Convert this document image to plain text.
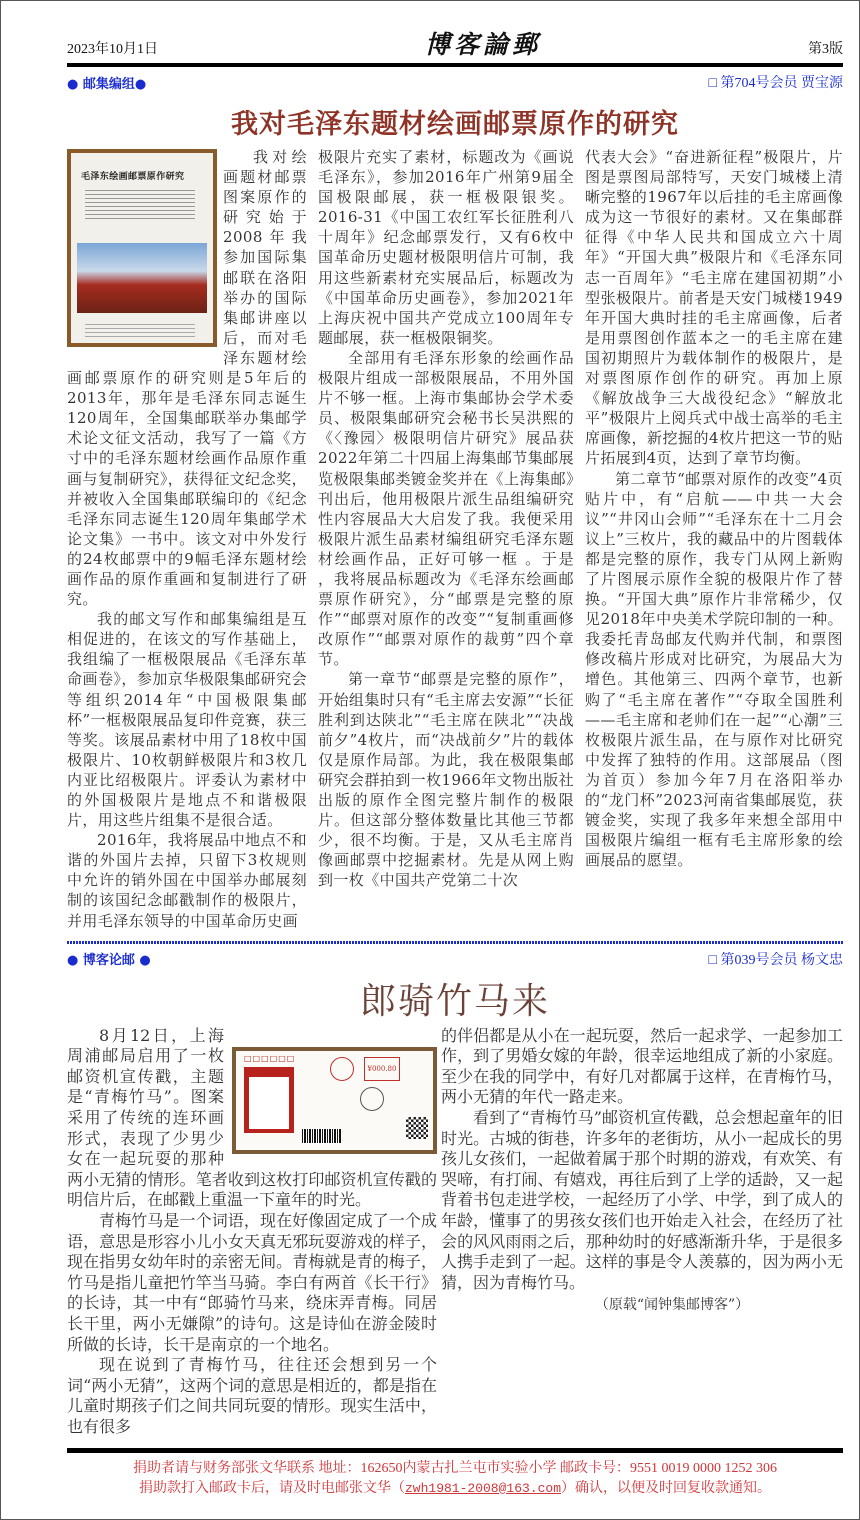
2023年10月1日	博客論郵	第3版
● 邮集编组●	□ 第704号会员 贾宝源
我对毛泽东题材绘画邮票原作的研究
毛泽东绘画邮票原作研究

我对绘画题材邮票图案原作的研究始于2008年我参加国际集邮联在洛阳举办的国际集邮讲座以后，而对毛泽东题材绘画邮票原作的研究则是5年后的2013年，那年是毛泽东同志诞生120周年，全国集邮联举办集邮学术论文征文活动，我写了一篇《方寸中的毛泽东题材绘画作品原作重画与复制研究》，获得征文纪念奖，并被收入全国集邮联编印的《纪念毛泽东同志诞生120周年集邮学术论文集》一书中。该文对中外发行的24枚邮票中的9幅毛泽东题材绘画作品的原作重画和复制进行了研究。

我的邮文写作和邮集编组是互相促进的，在该文的写作基础上，我组编了一框极限展品《毛泽东革命画卷》，参加京华极限集邮研究会等组织2014年“中国极限集邮杯”一框极限展品复印件竞赛，获三等奖。该展品素材中用了18枚中国极限片、10枚朝鲜极限片和3枚几内亚比绍极限片。评委认为素材中的外国极限片是地点不和谐极限片，用这些片组集不是很合适。

2016年，我将展品中地点不和谐的外国片去掉，只留下3枚规则中允许的销外国在中国举办邮展刻制的该国纪念邮戳制作的极限片，并用毛泽东领导的中国革命历史画

极限片充实了素材，标题改为《画说毛泽东》，参加2016年广州第9届全国极限邮展，获一框极限银奖。2016-31《中国工农红军长征胜利八十周年》纪念邮票发行，又有6枚中国革命历史题材极限明信片可制，我用这些新素材充实展品后，标题改为《中国革命历史画卷》，参加2021年上海庆祝中国共产党成立100周年专题邮展，获一框极限铜奖。

全部用有毛泽东形象的绘画作品极限片组成一部极限展品，不用外国片不够一框。上海市集邮协会学术委员、极限集邮研究会秘书长吴洪熙的《〈豫园〉极限明信片研究》展品获2022年第二十四届上海集邮节集邮展览极限集邮类镀金奖并在《上海集邮》刊出后，他用极限片派生品组编研究性内容展品大大启发了我。我便采用极限片派生品素材编组研究毛泽东题材绘画作品，正好可够一框 。于是 ，我将展品标题改为《毛泽东绘画邮票原作研究》，分“邮票是完整的原作”“邮票对原作的改变”“复制重画修改原作”“邮票对原作的裁剪”四个章节。

第一章节“邮票是完整的原作”，开始组集时只有“毛主席去安源”“长征胜利到达陕北”“毛主席在陕北”“决战前夕”4枚片，而“决战前夕”片的载体仅是原作局部。为此，我在极限集邮研究会群拍到一枚1966年文物出版社出版的原作全图完整片制作的极限片。但这部分整体数量比其他三节都少，很不均衡。于是，又从毛主席肖像画邮票中挖掘素材。先是从网上购到一枚《中国共产党第二十次

代表大会》“奋进新征程”极限片，片图是票图局部特写，天安门城楼上清晰完整的1967年以后挂的毛主席画像成为这一节很好的素材。又在集邮群征得《中华人民共和国成立六十周年》“开国大典”极限片和《毛泽东同志一百周年》“毛主席在建国初期”小型张极限片。前者是天安门城楼1949年开国大典时挂的毛主席画像，后者是用票图创作蓝本之一的毛主席在建国初期照片为载体制作的极限片，是对票图原作创作的研究。再加上原《解放战争三大战役纪念》“解放北平”极限片上阅兵式中战士高举的毛主席画像，新挖掘的4枚片把这一节的贴片拓展到4页，达到了章节均衡。

第二章节“邮票对原作的改变”4页贴片中，有“启航——中共一大会议”“井冈山会师”“毛泽东在十二月会议上”三枚片，我的藏品中的片图载体都是完整的原作，我专门从网上新购了片图展示原作全貌的极限片作了替换。“开国大典”原作片非常稀少，仅见2018年中央美术学院印制的一种。我委托青岛邮友代购并代制，和票图修改稿片形成对比研究，为展品大为增色。其他第三、四两个章节，也新购了“毛主席在著作”“夺取全国胜利——毛主席和老帅们在一起”“心潮”三枚极限片派生品，在与原作对比研究中发挥了独特的作用。这部展品（图为首页）参加今年7月在洛阳举办的“龙门杯”2023河南省集邮展览，获镀金奖，实现了我多年来想全部用中国极限片编组一框有毛主席形象的绘画展品的愿望。

● 博客论邮 ●	□ 第039号会员 杨文忠
郎骑竹马来
□□□□□□
¥000.80

8月12日，上海周浦邮局启用了一枚邮资机宣传戳，主题是“青梅竹马”。图案采用了传统的连环画形式，表现了少男少女在一起玩耍的那种两小无猜的情形。笔者收到这枚打印邮资机宣传戳的明信片后，在邮戳上重温一下童年的时光。

青梅竹马是一个词语，现在好像固定成了一个成语，意思是形容小儿小女天真无邪玩耍游戏的样子，现在指男女幼年时的亲密无间。青梅就是青的梅子，竹马是指儿童把竹竿当马骑。李白有两首《长干行》的长诗，其一中有“郎骑竹马来，绕床弄青梅。同居长干里，两小无嫌隙”的诗句。这是诗仙在游金陵时所做的长诗，长干是南京的一个地名。

现在说到了青梅竹马，往往还会想到另一个词“两小无猜”，这两个词的意思是相近的，都是指在儿童时期孩子们之间共同玩耍的情形。现实生活中，也有很多

的伴侣都是从小在一起玩耍，然后一起求学、一起参加工作，到了男婚女嫁的年龄，很幸运地组成了新的小家庭。至少在我的同学中，有好几对都属于这样，在青梅竹马，两小无猜的年代一路走来。

看到了“青梅竹马”邮资机宣传戳，总会想起童年的旧时光。古城的街巷，许多年的老街坊，从小一起成长的男孩儿女孩们，一起做着属于那个时期的游戏，有欢笑、有哭啼，有打闹、有嬉戏，再往后到了上学的适龄，又一起背着书包走进学校，一起经历了小学、中学，到了成人的年龄，懂事了的男孩女孩们也开始走入社会，在经历了社会的风风雨雨之后，那种幼时的好感渐渐升华，于是很多人携手走到了一起。这样的事是令人羡慕的，因为两小无猜，因为青梅竹马。

（原载“闻钟集邮博客”）
捐助者请与财务部张文华联系 地址：162650内蒙古扎兰屯市实验小学 邮政卡号：9551 0019 0000 1252 306
捐助款打入邮政卡后，请及时电邮张文华（zwh1981-2008@163.com）确认，以便及时回复收款通知。
